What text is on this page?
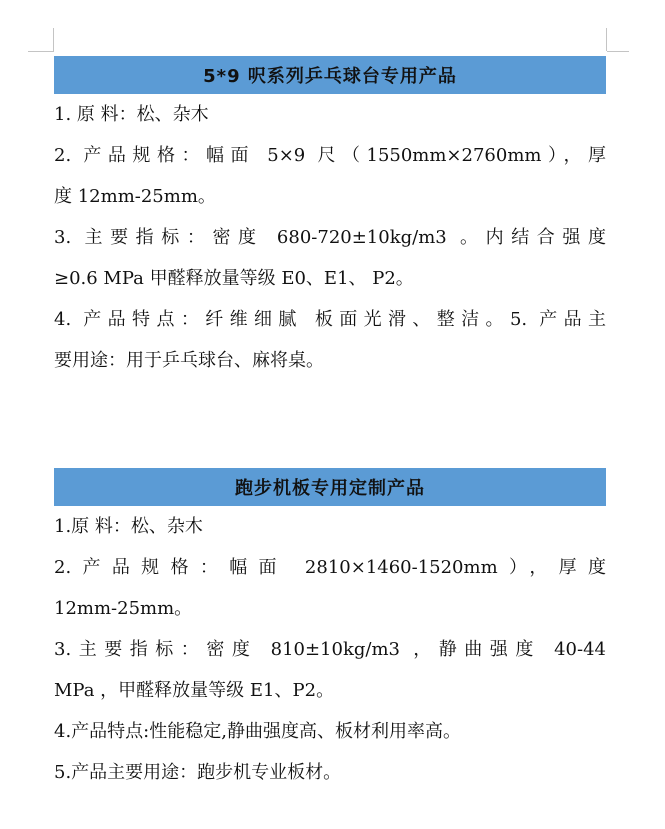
5*9 呎系列乒乓球台专用产品

1. 原 料：松、杂木

2. 产品规格：幅面 5×9 尺（1550mm×2760mm），厚

度 12mm-25mm。

3. 主要指标：密度 680-720±10kg/m3 。内结合强度

≥0.6 MPa 甲醛释放量等级 E0、E1、 P2。

4. 产品特点：纤维细腻 板面光滑、整洁。5. 产品主

要用途：用于乒乓球台、麻将桌。

跑步机板专用定制产品

1.原 料：松、杂木

2.产品规格：幅面 2810×1460-1520mm），厚度

12mm-25mm。

3.主要指标：密度 810±10kg/m3 ，静曲强度 40-44

MPa ，甲醛释放量等级 E1、P2。

4.产品特点:性能稳定,静曲强度高、板材利用率高。

5.产品主要用途：跑步机专业板材。
